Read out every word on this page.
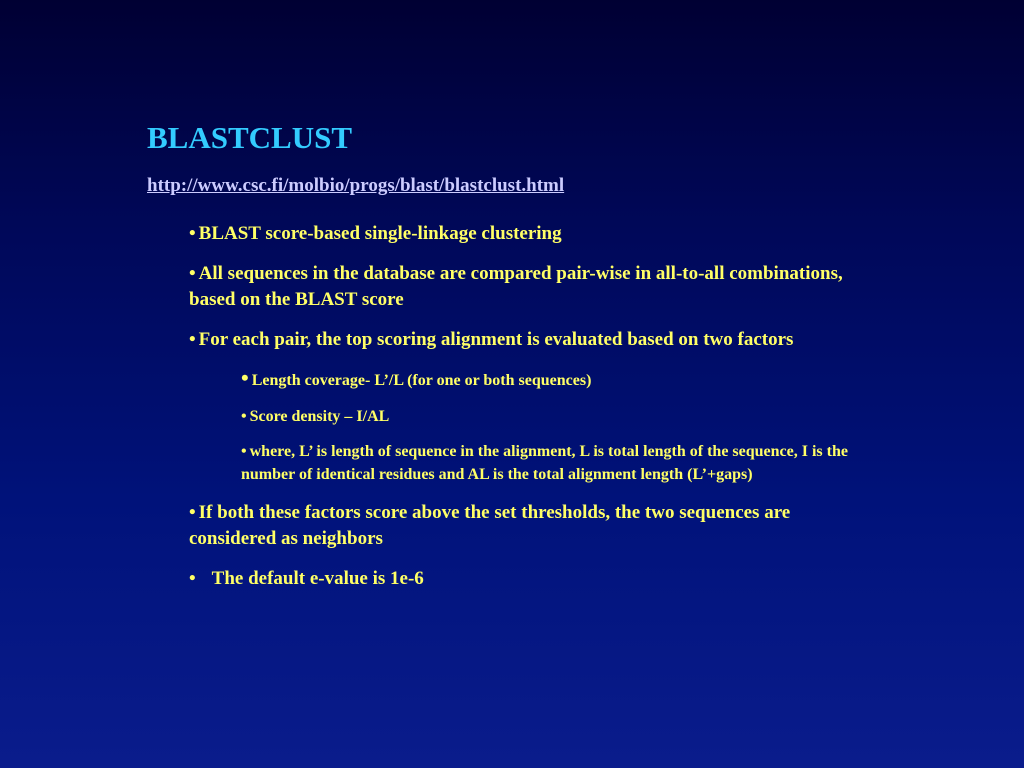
BLASTCLUST
http://www.csc.fi/molbio/progs/blast/blastclust.html
• BLAST score-based single-linkage clustering
• All sequences in the database are compared pair-wise in all-to-all combinations, based on the BLAST score
• For each pair, the top scoring alignment is evaluated based on two factors
• Length coverage- L’/L (for one or both sequences)
• Score density – I/AL
• where, L’ is length of sequence in the alignment, L is total length of the sequence, I is the number of identical residues and AL is the total alignment length (L’+gaps)
• If both these factors score above the set thresholds, the two sequences are considered as neighbors
• The default e-value is 1e-6
